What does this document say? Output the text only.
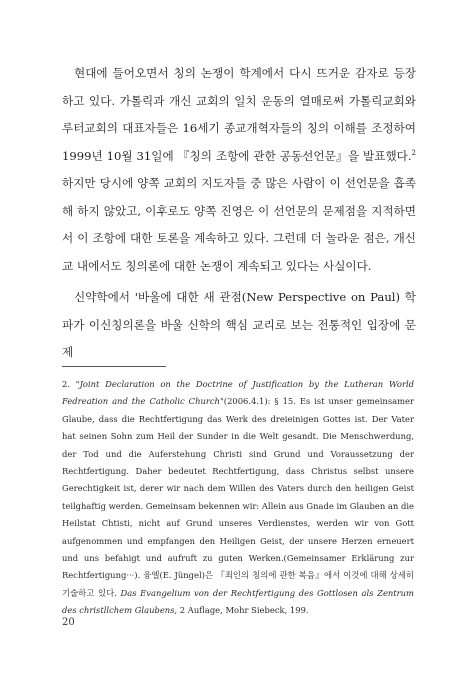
현대에 들어오면서 칭의 논쟁이 학계에서 다시 뜨거운 감자로 등장하고 있다. 가톨릭과 개신 교회의 일치 운동의 열매로써 가톨릭교회와 루터교회의 대표자들은 16세기 종교개혁자들의 칭의 이해를 조정하여 1999년 10월 31일에 『칭의 조항에 관한 공동선언문』을 발표했다.$^2$ 하지만 당시에 양쪽 교회의 지도자들 중 많은 사람이 이 선언문을 흡족해 하지 않았고, 이후로도 양쪽 진영은 이 선언문의 문제점을 지적하면서 이 조항에 대한 토론을 계속하고 있다. 그런데 더 놀라운 점은, 개신교 내에서도 칭의론에 대한 논쟁이 계속되고 있다는 사실이다.

신약학에서 '바울에 대한 새 관점(New Perspective on Paul) 학파가 이신칭의론을 바울 신학의 핵심 교리로 보는 전통적인 입장에 문제

2. "Joint Declaration on the Doctrine of Justification by the Lutheran World Fedreation and the Catholic Church"(2006.4.1): § 15. Es ist unser gemeinsamer Glaube, dass die Rechtfertigung das Werk des dreieinigen Gottes ist. Der Vater hat seinen Sohn zum Heil der Sunder in die Welt gesandt. Die Menschwerdung, der Tod und die Auferstehung Christi sind Grund und Voraussetzung der Rechtfertigung. Daher bedeutet Rechtfertigung, dass Christus selbst unsere Gerechtigkeit ist, derer wir nach dem Willen des Vaters durch den heiligen Geist teilghaftig werden. Gemeinsam bekennen wir: Allein aus Gnade im Glauben an die Heilstat Chtisti, nicht auf Grund unseres Verdienstes, werden wir von Gott aufgenommen und empfangen den Heiligen Geist, der unsere Herzen erneuert und uns befahigt und aufruft zu guten Werken.(Gemeinsamer Erklärung zur Rechtfertigung···). 융엘(E. Jüngel)은 『죄인의 칭의에 관한 복음』에서 이것에 대해 상세히 기술하고 있다. Das Evangelium von der Rechtfertigung des Gottlosen als Zentrum des christllchem Glaubens, 2 Auflage, Mohr Siebeck, 199.
20
